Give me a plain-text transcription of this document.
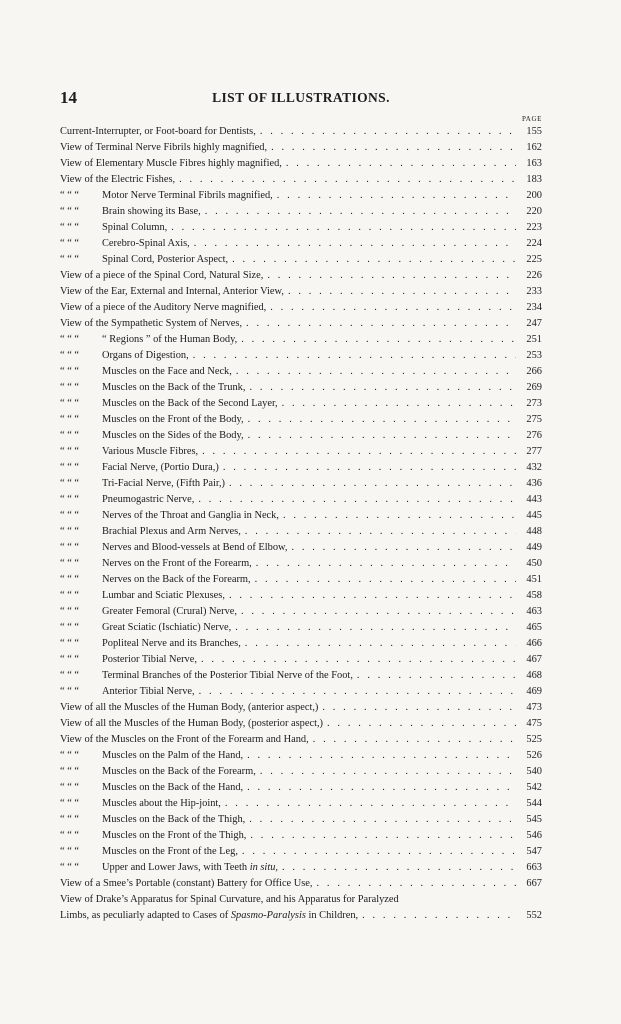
14	LIST OF ILLUSTRATIONS.
PAGE
Current-Interrupter, or Foot-board for Dentists, . . .	155
View of Terminal Nerve Fibrils highly magnified, . . .	162
View of Elementary Muscle Fibres highly magnified, . . .	163
View of the Electric Fishes, . . .	183
“ “ “ Motor Nerve Terminal Fibrils magnified, . . .	200
“ “ “ Brain showing its Base, . . .	220
“ “ “ Spinal Column, . . .	223
“ “ “ Cerebro-Spinal Axis, . . .	224
“ “ “ Spinal Cord, Posterior Aspect, . . .	225
View of a piece of the Spinal Cord, Natural Size, . . .	226
View of the Ear, External and Internal, Anterior View, . . .	233
View of a piece of the Auditory Nerve magnified, . . .	234
View of the Sympathetic System of Nerves, . . .	247
“ “ “ “ Regions ” of the Human Body, . . .	251
“ “ “ Organs of Digestion, . . .	253
“ “ “ Muscles on the Face and Neck, . . .	266
“ “ “ Muscles on the Back of the Trunk, . . .	269
“ “ “ Muscles on the Back of the Second Layer, . . .	273
“ “ “ Muscles on the Front of the Body, . . .	275
“ “ “ Muscles on the Sides of the Body, . . .	276
“ “ “ Various Muscle Fibres, . . .	277
“ “ “ Facial Nerve, (Portio Dura,) . . .	432
“ “ “ Tri-Facial Nerve, (Fifth Pair,) . . .	436
“ “ “ Pneumogastric Nerve, . . .	443
“ “ “ Nerves of the Throat and Ganglia in Neck, . . .	445
“ “ “ Brachial Plexus and Arm Nerves, . . .	448
“ “ “ Nerves and Blood-vessels at Bend of Elbow, . . .	449
“ “ “ Nerves on the Front of the Forearm, . . .	450
“ “ “ Nerves on the Back of the Forearm, . . .	451
“ “ “ Lumbar and Sciatic Plexuses, . . .	458
“ “ “ Greater Femoral (Crural) Nerve, . . .	463
“ “ “ Great Sciatic (Ischiatic) Nerve, . . .	465
“ “ “ Popliteal Nerve and its Branches, . . .	466
“ “ “ Posterior Tibial Nerve, . . .	467
“ “ “ Terminal Branches of the Posterior Tibial Nerve of the Foot, . . .	468
“ “ “ Anterior Tibial Nerve, . . .	469
View of all the Muscles of the Human Body, (anterior aspect,) . . .	473
View of all the Muscles of the Human Body, (posterior aspect,) . . .	475
View of the Muscles on the Front of the Forearm and Hand, . . .	525
“ “ “ Muscles on the Palm of the Hand, . . .	526
“ “ “ Muscles on the Back of the Forearm, . . .	540
“ “ “ Muscles on the Back of the Hand, . . .	542
“ “ “ Muscles about the Hip-joint, . . .	544
“ “ “ Muscles on the Back of the Thigh, . . .	545
“ “ “ Muscles on the Front of the Thigh, . . .	546
“ “ “ Muscles on the Front of the Leg, . . .	547
“ “ “ Upper and Lower Jaws, with Teeth in situ, . . .	663
View of a Smee’s Portable (constant) Battery for Office Use, . . .	667
View of Drake’s Apparatus for Spinal Curvature, and his Apparatus for Paralyzed
Limbs, as peculiarly adapted to Cases of Spasmo-Paralysis in Children, . . .	552
